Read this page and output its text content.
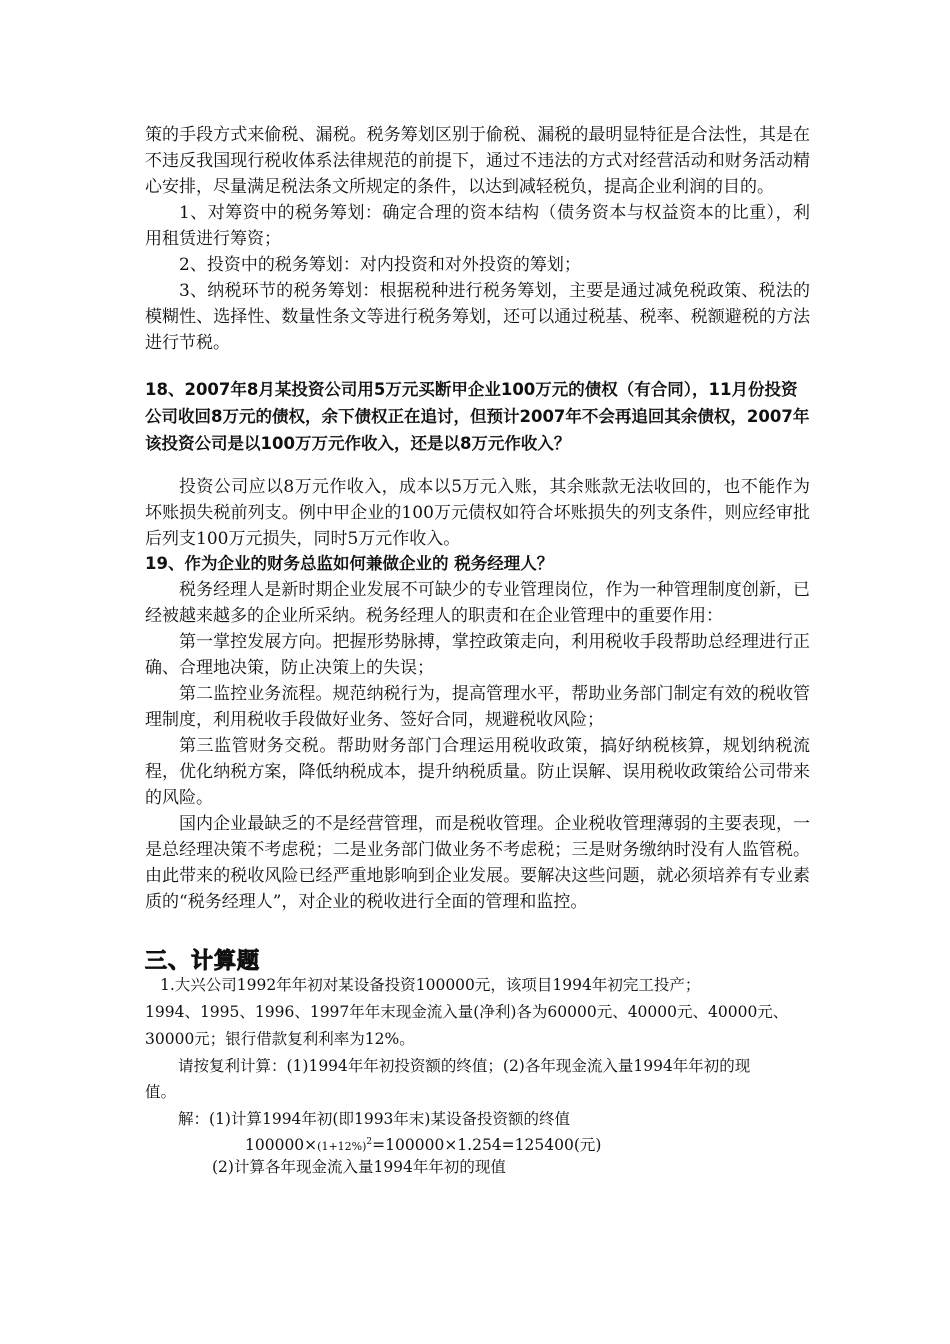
策的手段方式来偷税、漏税。税务筹划区别于偷税、漏税的最明显特征是合法性，其是在不违反我国现行税收体系法律规范的前提下，通过不违法的方式对经营活动和财务活动精心安排，尽量满足税法条文所规定的条件，以达到减轻税负，提高企业利润的目的。

1、对筹资中的税务筹划：确定合理的资本结构（债务资本与权益资本的比重），利用租赁进行筹资；

2、投资中的税务筹划：对内投资和对外投资的筹划；

3、纳税环节的税务筹划：根据税种进行税务筹划，主要是通过减免税政策、税法的模糊性、选择性、数量性条文等进行税务筹划，还可以通过税基、税率、税额避税的方法进行节税。

18、2007年8月某投资公司用5万元买断甲企业100万元的债权（有合同），11月份投资公司收回8万元的债权，余下债权正在追讨，但预计2007年不会再追回其余债权，2007年该投资公司是以100万万元作收入，还是以8万元作收入？

投资公司应以8万元作收入，成本以5万元入账，其余账款无法收回的，也不能作为坏账损失税前列支。例中甲企业的100万元债权如符合坏账损失的列支条件，则应经审批后列支100万元损失，同时5万元作收入。

19、作为企业的财务总监如何兼做企业的 税务经理人？

税务经理人是新时期企业发展不可缺少的专业管理岗位，作为一种管理制度创新，已经被越来越多的企业所采纳。税务经理人的职责和在企业管理中的重要作用：

第一掌控发展方向。把握形势脉搏，掌控政策走向，利用税收手段帮助总经理进行正确、合理地决策，防止决策上的失误；

第二监控业务流程。规范纳税行为，提高管理水平，帮助业务部门制定有效的税收管理制度，利用税收手段做好业务、签好合同，规避税收风险；

第三监管财务交税。帮助财务部门合理运用税收政策，搞好纳税核算，规划纳税流程，优化纳税方案，降低纳税成本，提升纳税质量。防止误解、误用税收政策给公司带来的风险。

国内企业最缺乏的不是经营管理，而是税收管理。企业税收管理薄弱的主要表现，一是总经理决策不考虑税；二是业务部门做业务不考虑税；三是财务缴纳时没有人监管税。由此带来的税收风险已经严重地影响到企业发展。要解决这些问题，就必须培养有专业素质的“税务经理人”，对企业的税收进行全面的管理和监控。

三、计算题

1.大兴公司1992年年初对某设备投资100000元，该项目1994年初完工投产；

1994、1995、1996、1997年年末现金流入量(净利)各为60000元、40000元、40000元、

30000元；银行借款复利利率为12%。

请按复利计算：(1)1994年年初投资额的终值；(2)各年现金流入量1994年年初的现

值。

解：(1)计算1994年初(即1993年末)某设备投资额的终值

$100000\times(1+12\%)^2=100000\times 1.254=125400$(元)

(2)计算各年现金流入量1994年年初的现值
